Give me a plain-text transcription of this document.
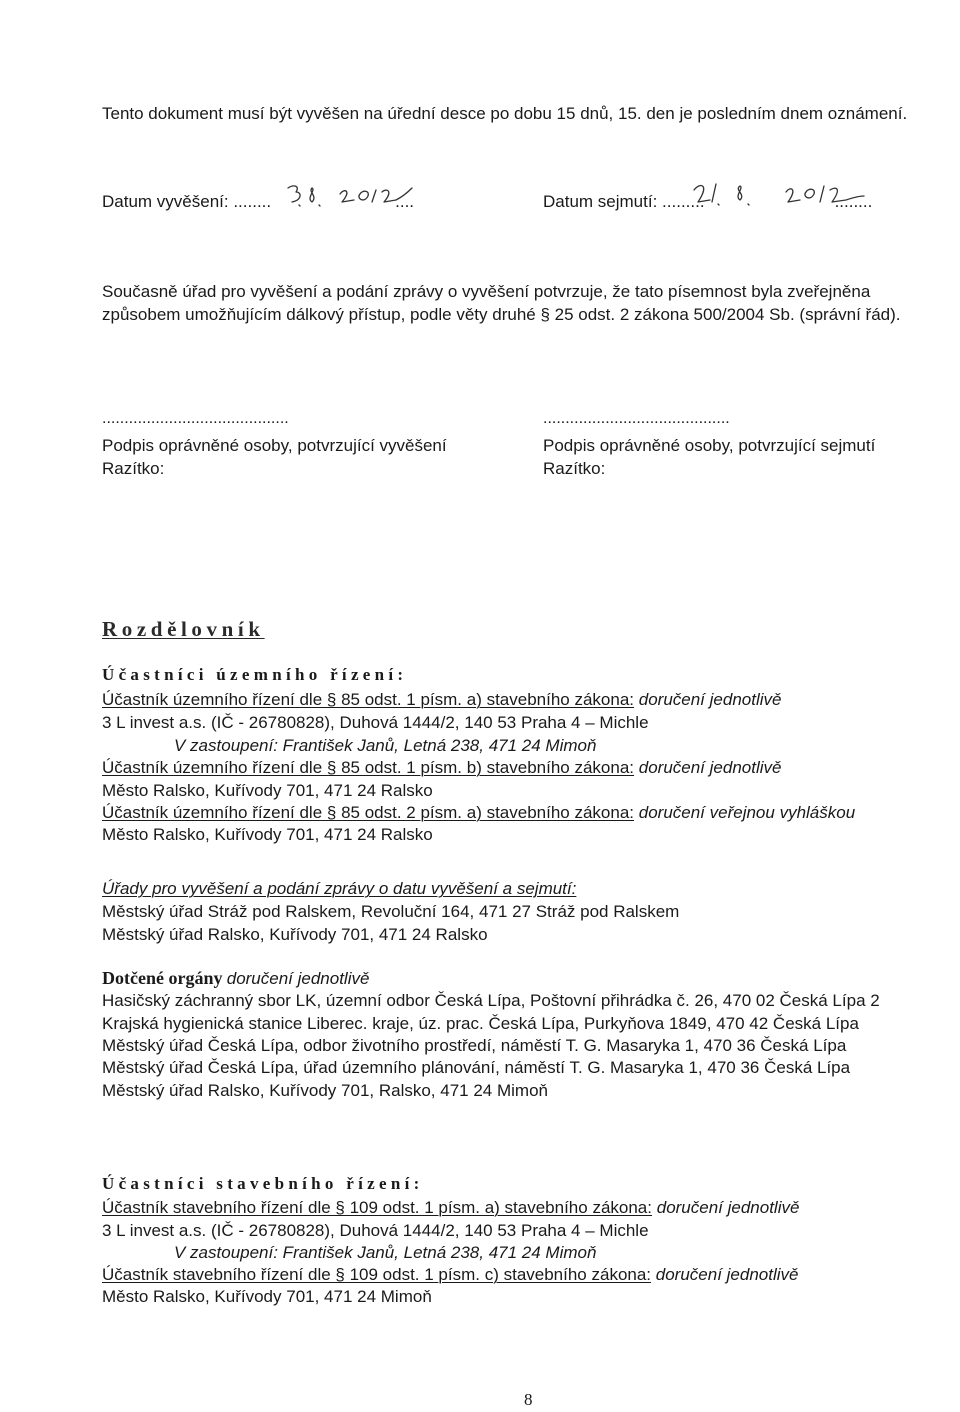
Tento dokument musí být vyvěšen na úřední desce po dobu 15 dnů, 15. den je posledním dnem oznámení.
Datum vyvěšení: ........	....	Datum sejmutí: .........	........
Současně úřad pro vyvěšení a podání zprávy o vyvěšení potvrzuje, že tato písemnost byla zveřejněna
způsobem umožňujícím dálkový přístup, podle věty druhé § 25 odst. 2 zákona 500/2004 Sb. (správní řád).
..........................................	..........................................
Podpis oprávněné osoby, potvrzující vyvěšení	Podpis oprávněné osoby, potvrzující sejmutí
Razítko:	Razítko:
Rozdělovník
Účastníci územního řízení:
Účastník územního řízení dle § 85 odst. 1 písm. a) stavebního zákona: doručení jednotlivě
3 L invest a.s. (IČ - 26780828), Duhová 1444/2, 140 53 Praha 4 – Michle
V zastoupení: František Janů, Letná 238, 471 24 Mimoň
Účastník územního řízení dle § 85 odst. 1 písm. b) stavebního zákona: doručení jednotlivě
Město Ralsko, Kuřívody 701, 471 24 Ralsko
Účastník územního řízení dle § 85 odst. 2 písm. a) stavebního zákona: doručení veřejnou vyhláškou
Město Ralsko, Kuřívody 701, 471 24 Ralsko
Úřady pro vyvěšení a podání zprávy o datu vyvěšení a sejmutí:
Městský úřad Stráž pod Ralskem, Revoluční 164, 471 27 Stráž pod Ralskem
Městský úřad Ralsko, Kuřívody 701, 471 24 Ralsko
Dotčené orgány doručení jednotlivě
Hasičský záchranný sbor LK, územní odbor Česká Lípa, Poštovní přihrádka č. 26, 470 02 Česká Lípa 2
Krajská hygienická stanice Liberec. kraje, úz. prac. Česká Lípa, Purkyňova 1849, 470 42 Česká Lípa
Městský úřad Česká Lípa, odbor životního prostředí, náměstí T. G. Masaryka 1, 470 36 Česká Lípa
Městský úřad Česká Lípa, úřad územního plánování, náměstí T. G. Masaryka 1, 470 36 Česká Lípa
Městský úřad Ralsko, Kuřívody 701, Ralsko, 471 24 Mimoň
Účastníci stavebního řízení:
Účastník stavebního řízení dle § 109 odst. 1 písm. a) stavebního zákona: doručení jednotlivě
3 L invest a.s. (IČ - 26780828), Duhová 1444/2, 140 53 Praha 4 – Michle
V zastoupení: František Janů, Letná 238, 471 24 Mimoň
Účastník stavebního řízení dle § 109 odst. 1 písm. c) stavebního zákona: doručení jednotlivě
Město Ralsko, Kuřívody 701, 471 24 Mimoň
8
